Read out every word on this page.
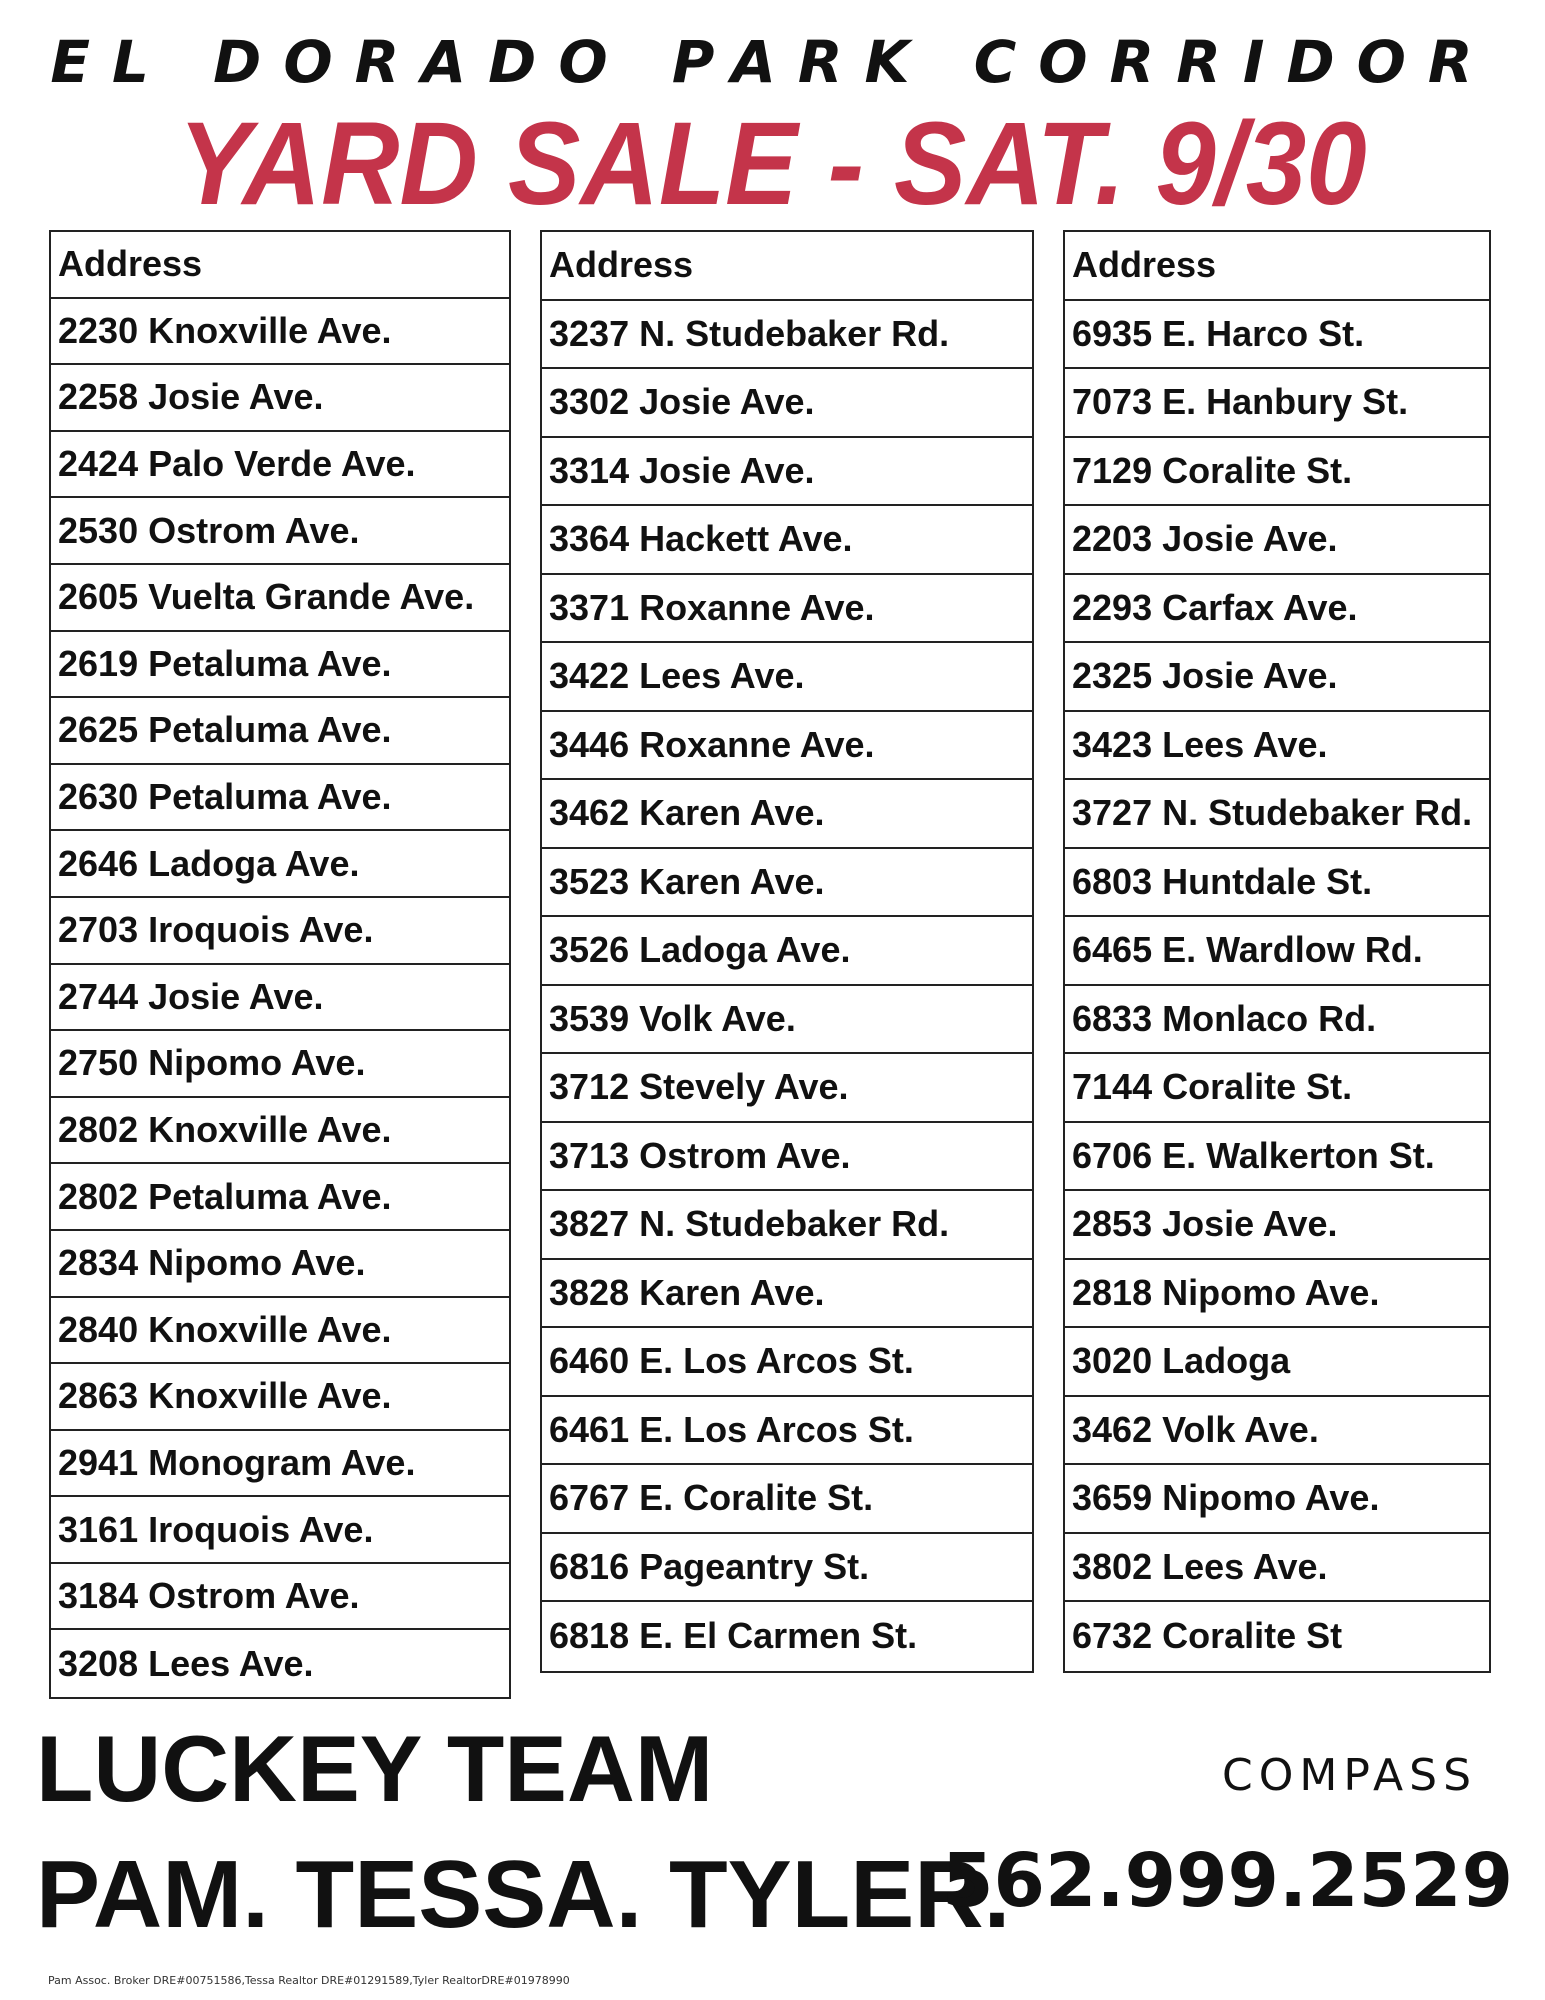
EL DORADO PARK CORRIDOR
YARD SALE - SAT. 9/30
Address
2230 Knoxville Ave.
2258 Josie Ave.
2424 Palo Verde Ave.
2530 Ostrom Ave.
2605 Vuelta Grande Ave.
2619 Petaluma Ave.
2625 Petaluma Ave.
2630 Petaluma Ave.
2646 Ladoga Ave.
2703 Iroquois Ave.
2744 Josie Ave.
2750 Nipomo Ave.
2802 Knoxville Ave.
2802 Petaluma Ave.
2834 Nipomo Ave.
2840 Knoxville Ave.
2863 Knoxville Ave.
2941 Monogram Ave.
3161 Iroquois Ave.
3184 Ostrom Ave.
3208 Lees Ave.
Address
3237 N. Studebaker Rd.
3302 Josie Ave.
3314 Josie Ave.
3364 Hackett Ave.
3371 Roxanne Ave.
3422 Lees Ave.
3446 Roxanne Ave.
3462 Karen Ave.
3523 Karen Ave.
3526 Ladoga Ave.
3539 Volk Ave.
3712 Stevely Ave.
3713 Ostrom Ave.
3827 N. Studebaker Rd.
3828 Karen Ave.
6460 E. Los Arcos St.
6461 E. Los Arcos St.
6767 E. Coralite St.
6816 Pageantry St.
6818 E. El Carmen St.
Address
6935 E. Harco St.
7073 E. Hanbury St.
7129 Coralite St.
2203 Josie Ave.
2293 Carfax Ave.
2325 Josie Ave.
3423 Lees Ave.
3727 N. Studebaker Rd.
6803 Huntdale St.
6465 E. Wardlow Rd.
6833 Monlaco Rd.
7144 Coralite St.
6706 E. Walkerton St.
2853 Josie Ave.
2818 Nipomo Ave.
3020 Ladoga
3462 Volk Ave.
3659 Nipomo Ave.
3802 Lees Ave.
6732 Coralite St
LUCKEY TEAM
PAM. TESSA. TYLER.
COMPASS
562.999.2529
Pam Assoc. Broker DRE#00751586,Tessa Realtor DRE#01291589,Tyler RealtorDRE#01978990
